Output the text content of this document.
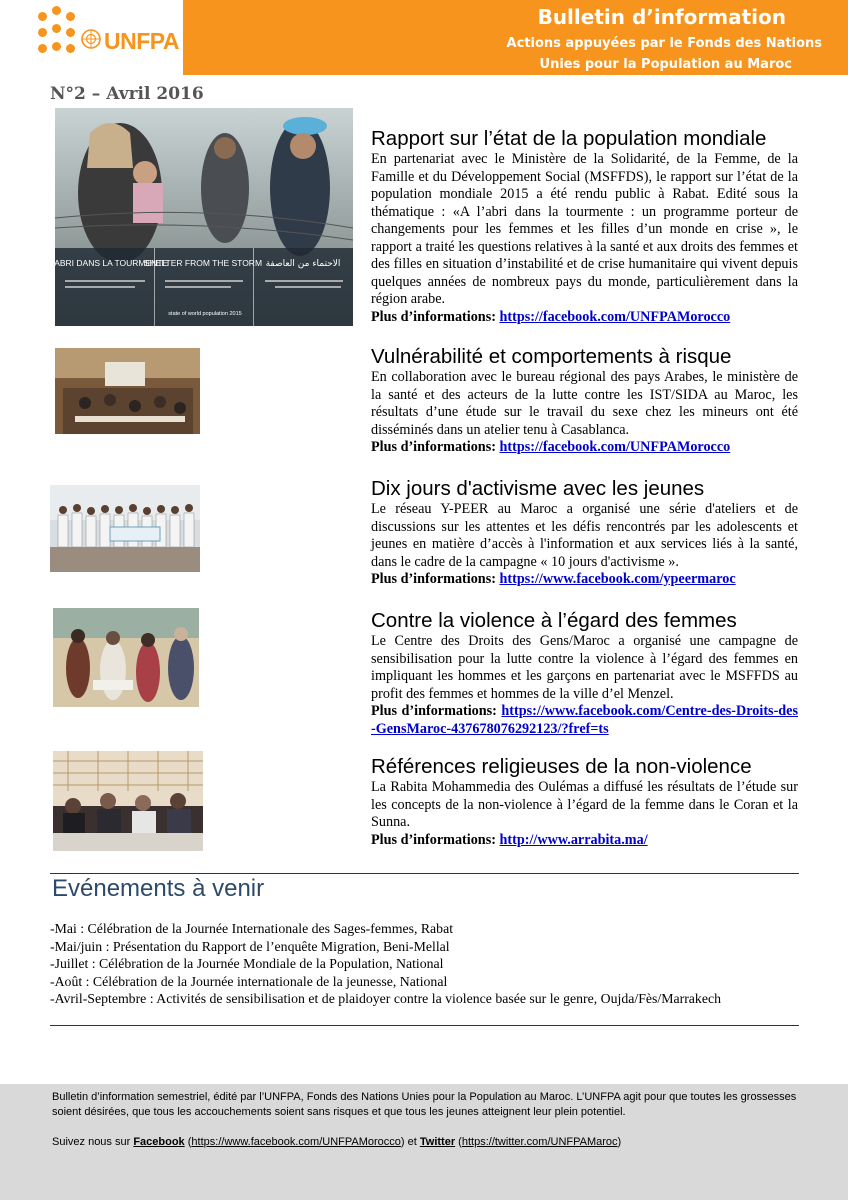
UNFPA
Bulletin d’information
Actions appuyées par le Fonds des Nations
Unies pour la Population au Maroc
N°2 – Avril 2016
À L'ABRI DANS LA TOURMENTE
SHELTER FROM THE STORM الاحتماء من العاصفة
state of world population 2015
Rapport sur l’état de la population mondiale

En partenariat avec le Ministère de la Solidarité, de la Femme, de la Famille et du Développement Social (MSFFDS), le rapport sur l’état de la population mondiale 2015 a été rendu public à Rabat. Edité sous la thématique : «A l’abri dans la tourmente : un programme porteur de changements pour les femmes et les filles d’un monde en crise », le rapport a traité les questions relatives à la santé et aux droits des femmes et des filles en situation d’instabilité et de crise humanitaire qui vivent depuis quelques années de nombreux pays du monde, particulièrement dans la région arabe.

Plus d’informations: https://facebook.com/UNFPAMorocco

Vulnérabilité et comportements à risque

En collaboration avec le bureau régional des pays Arabes, le ministère de la santé et des acteurs de la lutte contre les IST/SIDA au Maroc, les résultats d’une étude sur le travail du sexe chez les mineurs ont été disséminés dans un atelier tenu à Casablanca.

Plus d’informations: https://facebook.com/UNFPAMorocco

Dix jours d'activisme avec les jeunes

Le réseau Y-PEER au Maroc a organisé une série d'ateliers et de discussions sur les attentes et les défis rencontrés par les adolescents et jeunes en matière d’accès à l'information et aux services liés à la santé, dans le cadre de la campagne « 10 jours d'activisme ».

Plus d’informations: https://www.facebook.com/ypeermaroc

Contre la violence à l’égard des femmes

Le Centre des Droits des Gens/Maroc a organisé une campagne de sensibilisation pour la lutte contre la violence à l’égard des femmes en impliquant les hommes et les garçons en partenariat avec le MSFFDS au profit des femmes et hommes de la ville d’el Menzel.

Plus d’informations: https://www.facebook.com/Centre-des-Droits-des-GensMaroc-437678076292123/?fref=ts

Références religieuses de la non-violence

La Rabita Mohammedia des Oulémas a diffusé les résultats de l’étude sur les concepts de la non-violence à l’égard de la femme dans le Coran et la Sunna.

Plus d’informations: http://www.arrabita.ma/

Evénements à venir
-Mai : Célébration de la Journée Internationale des Sages-femmes, Rabat
-Mai/juin : Présentation du Rapport de l’enquête Migration, Beni-Mellal
-Juillet : Célébration de la Journée Mondiale de la Population, National
-Août : Célébration de la Journée internationale de la jeunesse, National
-Avril-Septembre : Activités de sensibilisation et de plaidoyer contre la violence basée sur le genre, Oujda/Fès/Marrakech

Bulletin d’information semestriel, édité par l’UNFPA, Fonds des Nations Unies pour la Population au Maroc. L’UNFPA agit pour que toutes les grossesses soient désirées, que tous les accouchements soient sans risques et que tous les jeunes atteignent leur plein potentiel.

Suivez nous sur Facebook (https://www.facebook.com/UNFPAMorocco) et Twitter (https://twitter.com/UNFPAMaroc)
